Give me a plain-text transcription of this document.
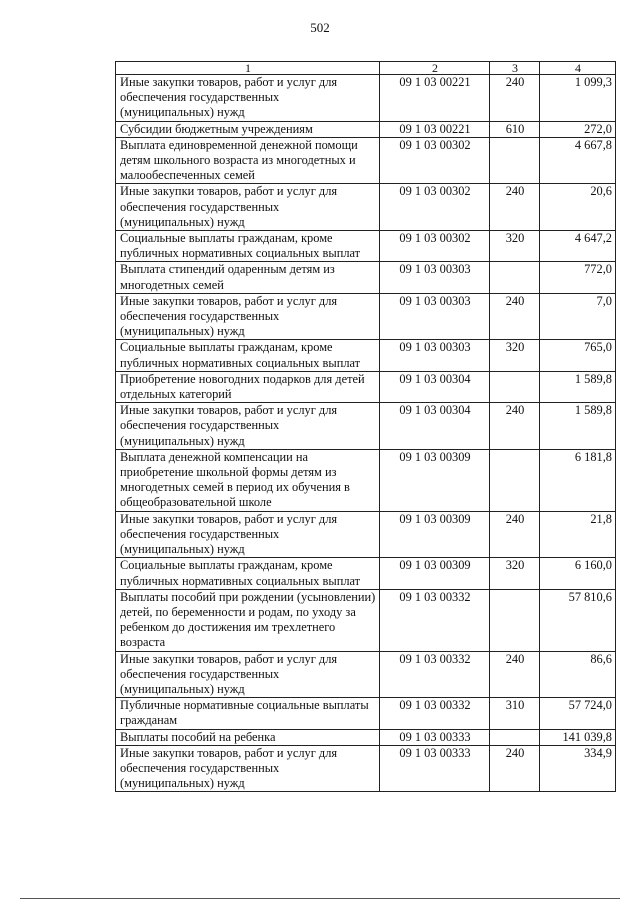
502
1	2	3	4
Иные закупки товаров, работ и услуг для обеспечения государственных (муниципальных) нужд	09 1 03 00221	240	1 099,3
Субсидии бюджетным учреждениям	09 1 03 00221	610	272,0
Выплата единовременной денежной помощи детям школьного возраста из многодетных и малообеспеченных семей	09 1 03 00302		4 667,8
Иные закупки товаров, работ и услуг для обеспечения государственных (муниципальных) нужд	09 1 03 00302	240	20,6
Социальные выплаты гражданам, кроме публичных нормативных социальных выплат	09 1 03 00302	320	4 647,2
Выплата стипендий одаренным детям из многодетных семей	09 1 03 00303		772,0
Иные закупки товаров, работ и услуг для обеспечения государственных (муниципальных) нужд	09 1 03 00303	240	7,0
Социальные выплаты гражданам, кроме публичных нормативных социальных выплат	09 1 03 00303	320	765,0
Приобретение новогодних подарков для детей отдельных категорий	09 1 03 00304		1 589,8
Иные закупки товаров, работ и услуг для обеспечения государственных (муниципальных) нужд	09 1 03 00304	240	1 589,8
Выплата денежной компенсации на приобретение школьной формы детям из многодетных семей в период их обучения в общеобразовательной школе	09 1 03 00309		6 181,8
Иные закупки товаров, работ и услуг для обеспечения государственных (муниципальных) нужд	09 1 03 00309	240	21,8
Социальные выплаты гражданам, кроме публичных нормативных социальных выплат	09 1 03 00309	320	6 160,0
Выплаты пособий при рождении (усыновлении) детей, по беременности и родам, по уходу за ребенком до достижения им трехлетнего возраста	09 1 03 00332		57 810,6
Иные закупки товаров, работ и услуг для обеспечения государственных (муниципальных) нужд	09 1 03 00332	240	86,6
Публичные нормативные социальные выплаты гражданам	09 1 03 00332	310	57 724,0
Выплаты пособий на ребенка	09 1 03 00333		141 039,8
Иные закупки товаров, работ и услуг для обеспечения государственных (муниципальных) нужд	09 1 03 00333	240	334,9
